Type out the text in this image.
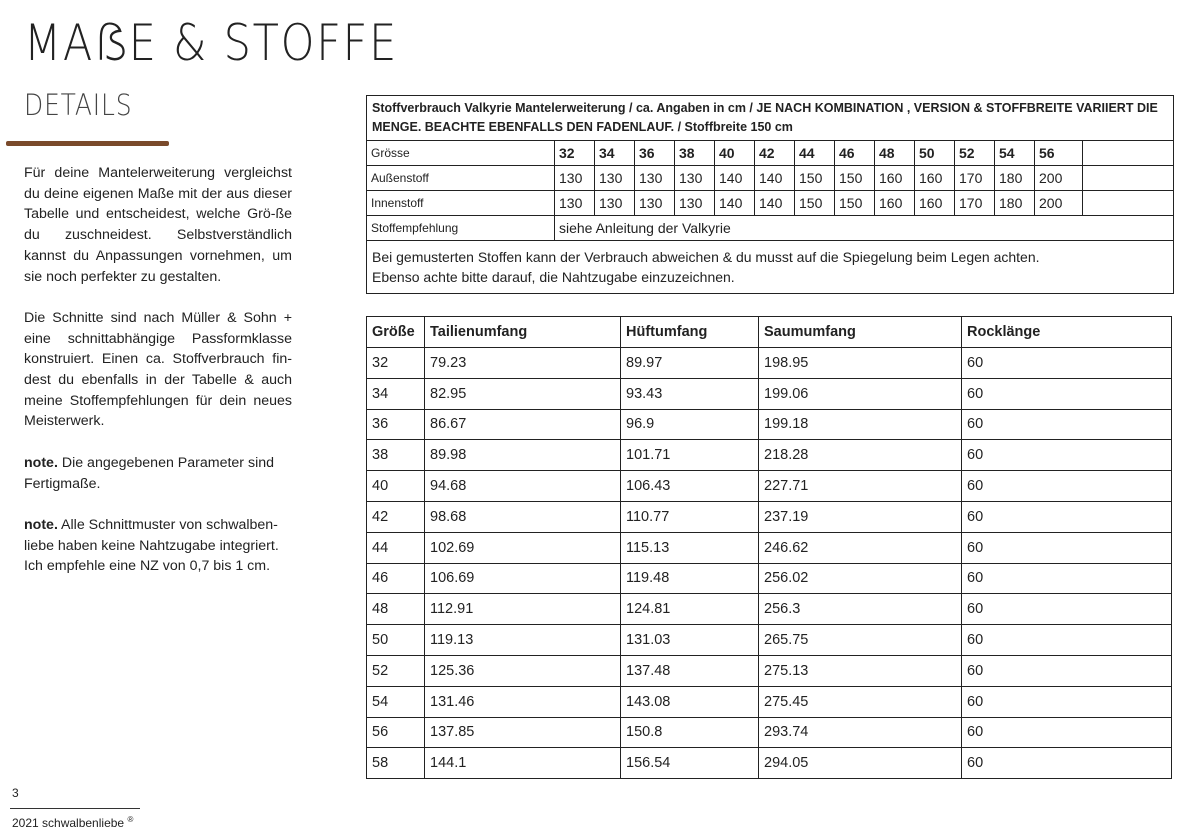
MAẞE & STOFFE
DETAILS

Für deine Mantelerweiterung vergleichst du deine eigenen Maße mit der aus dieser Tabelle und entscheidest, welche Grö-ße du zuschneidest. Selbstverständlich kannst du Anpassungen vornehmen, um sie noch perfekter zu gestalten.

Die Schnitte sind nach Müller & Sohn + eine schnittabhängige Passformklasse konstruiert. Einen ca. Stoffverbrauch fin-dest du ebenfalls in der Tabelle & auch meine Stoffempfehlungen für dein neues Meisterwerk.

note. Die angegebenen Parameter sind Fertigmaße.

note. Alle Schnittmuster von schwalben-liebe haben keine Nahtzugabe integriert. Ich empfehle eine NZ von 0,7 bis 1 cm.

3
2021 schwalbenliebe ®
Stoffverbrauch Valkyrie Mantelerweiterung / ca. Angaben in cm / JE NACH KOMBINATION , VERSION & STOFFBREITE VARIIERT DIE MENGE. BEACHTE EBENFALLS DEN FADENLAUF. / Stoffbreite 150 cm														
Grösse	32	34	36	38	40	42	44	46	48	50	52	54	56	
Außenstoff	130	130	130	130	140	140	150	150	160	160	170	180	200	
Innenstoff	130	130	130	130	140	140	150	150	160	160	170	180	200	
Stoffempfehlung	siehe Anleitung der Valkyrie													

Bei gemusterten Stoffen kann der Verbrauch abweichen & du musst auf die Spiegelung beim Legen achten.
Ebenso achte bitte darauf, die Nahtzugabe einzuzeichnen.														
Größe	Tailienumfang	Hüftumfang	Saumumfang	Rocklänge
32	79.23	89.97	198.95	60
34	82.95	93.43	199.06	60
36	86.67	96.9	199.18	60
38	89.98	101.71	218.28	60
40	94.68	106.43	227.71	60
42	98.68	110.77	237.19	60
44	102.69	115.13	246.62	60
46	106.69	119.48	256.02	60
48	112.91	124.81	256.3	60
50	119.13	131.03	265.75	60
52	125.36	137.48	275.13	60
54	131.46	143.08	275.45	60
56	137.85	150.8	293.74	60
58	144.1	156.54	294.05	60
